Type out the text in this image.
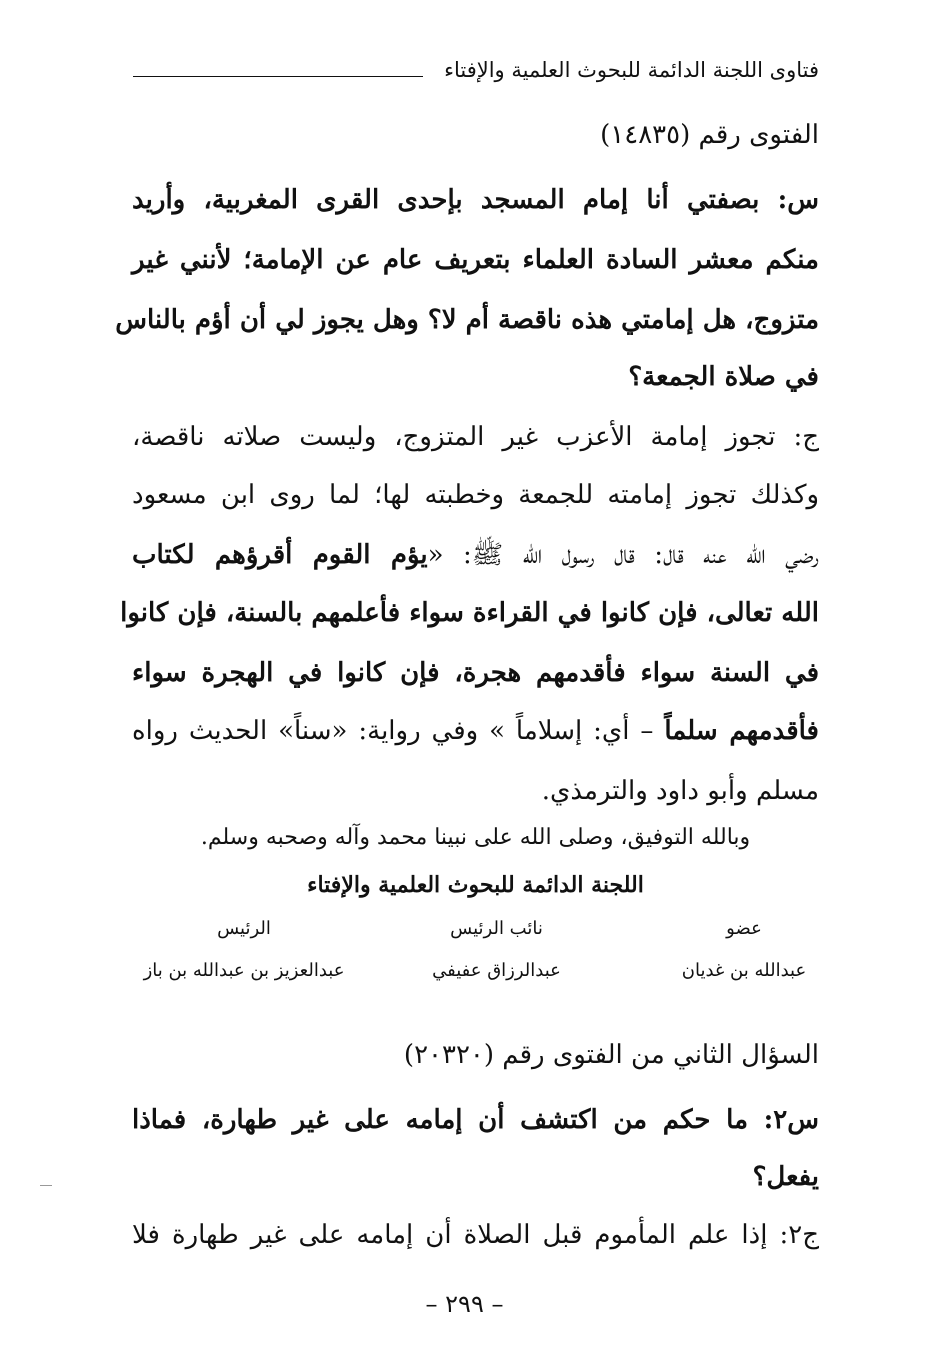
فتاوى اللجنة الدائمة للبحوث العلمية والإفتاء
الفتوى رقم (١٤٨٣٥)
س: بصفتي أنا إمام المسجد بإحدى القرى المغربية، وأريد
منكم معشر السادة العلماء بتعريف عام عن الإمامة؛ لأنني غير
متزوج، هل إمامتي هذه ناقصة أم لا؟ وهل يجوز لي أن أؤم بالناس
في صلاة الجمعة؟
ج: تجوز إمامة الأعزب غير المتزوج، وليست صلاته ناقصة،
وكذلك تجوز إمامته للجمعة وخطبته لها؛ لما روى ابن مسعود
رضي الله عنه قال: قال رسول الله ﷺ: «يؤم القوم أقرؤهم لكتاب
الله تعالى، فإن كانوا في القراءة سواء فأعلمهم بالسنة، فإن كانوا
في السنة سواء فأقدمهم هجرة، فإن كانوا في الهجرة سواء
فأقدمهم سلماً – أي: إسلاماً » وفي رواية: «سناً» الحديث رواه
مسلم وأبو داود والترمذي.
وبالله التوفيق، وصلى الله على نبينا محمد وآله وصحبه وسلم.
اللجنة الدائمة للبحوث العلمية والإفتاء
عضو
عبدالله بن غديان
نائب الرئيس
عبدالرزاق عفيفي
الرئيس
عبدالعزيز بن عبدالله بن باز
السؤال الثاني من الفتوى رقم (٢٠٣٢٠)
س٢: ما حكم من اكتشف أن إمامه على غير طهارة، فماذا
يفعل؟
ج٢: إذا علم المأموم قبل الصلاة أن إمامه على غير طهارة فلا
– ٢٩٩ –
